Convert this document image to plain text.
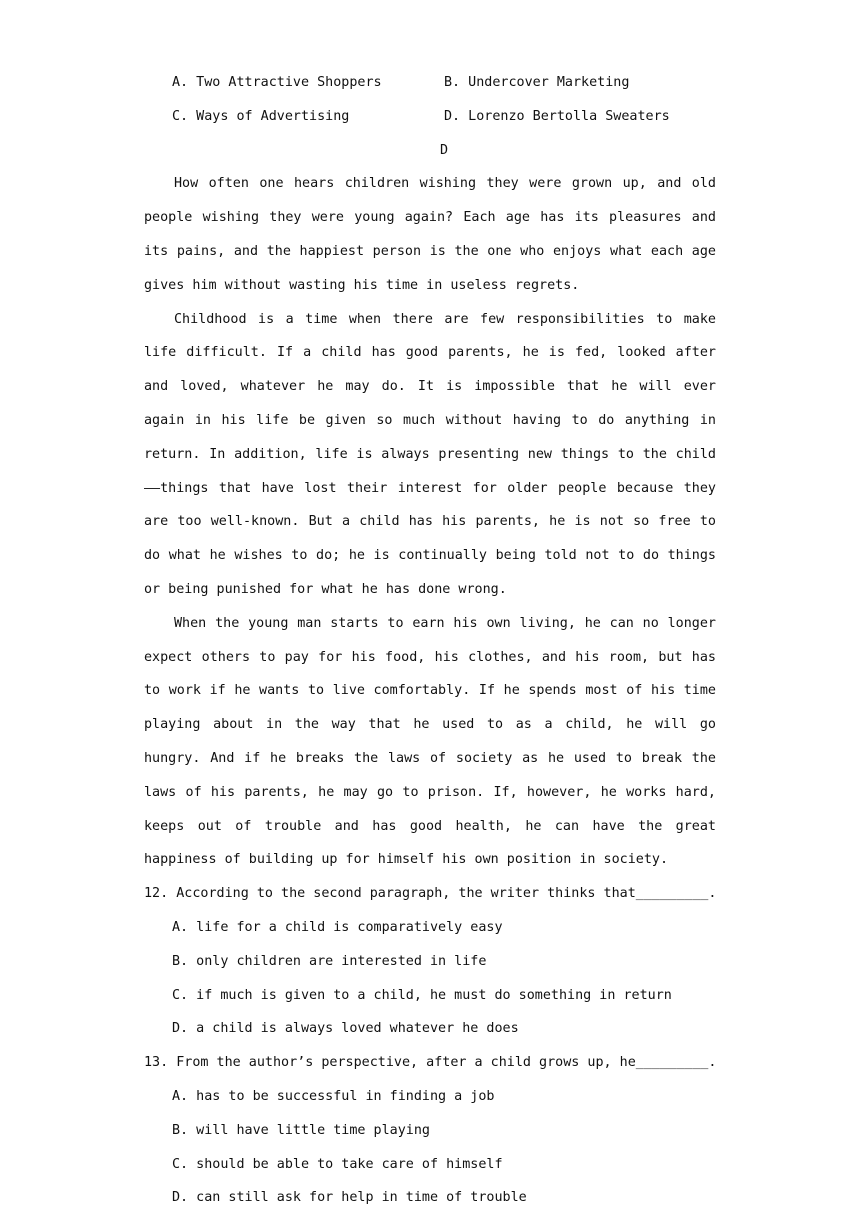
A. Two Attractive Shoppers	B. Undercover Marketing
C. Ways of Advertising	D. Lorenzo Bertolla Sweaters
D

How often one hears children wishing they were grown up, and old people wishing they were young again? Each age has its pleasures and its pains, and the happiest person is the one who enjoys what each age gives him without wasting his time in useless regrets.

Childhood is a time when there are few responsibilities to make life difficult. If a child has good parents, he is fed, looked after and loved, whatever he may do. It is impossible that he will ever again in his life be given so much without having to do anything in return. In addition, life is always presenting new things to the child——things that have lost their interest for older people because they are too well-known. But a child has his parents, he is not so free to do what he wishes to do; he is continually being told not to do things or being punished for what he has done wrong.

When the young man starts to earn his own living, he can no longer expect others to pay for his food, his clothes, and his room, but has to work if he wants to live comfortably. If he spends most of his time playing about in the way that he used to as a child, he will go hungry. And if he breaks the laws of society as he used to break the laws of his parents, he may go to prison. If, however, he works hard, keeps out of trouble and has good health, he can have the great happiness of building up for himself his own position in society.

12. According to the second paragraph, the writer thinks that_________.

A. life for a child is comparatively easy

B. only children are interested in life

C. if much is given to a child, he must do something in return

D. a child is always loved whatever he does

13. From the author’s perspective, after a child grows up, he_________.

A. has to be successful in finding a job

B. will have little time playing

C. should be able to take care of himself

D. can still ask for help in time of trouble
